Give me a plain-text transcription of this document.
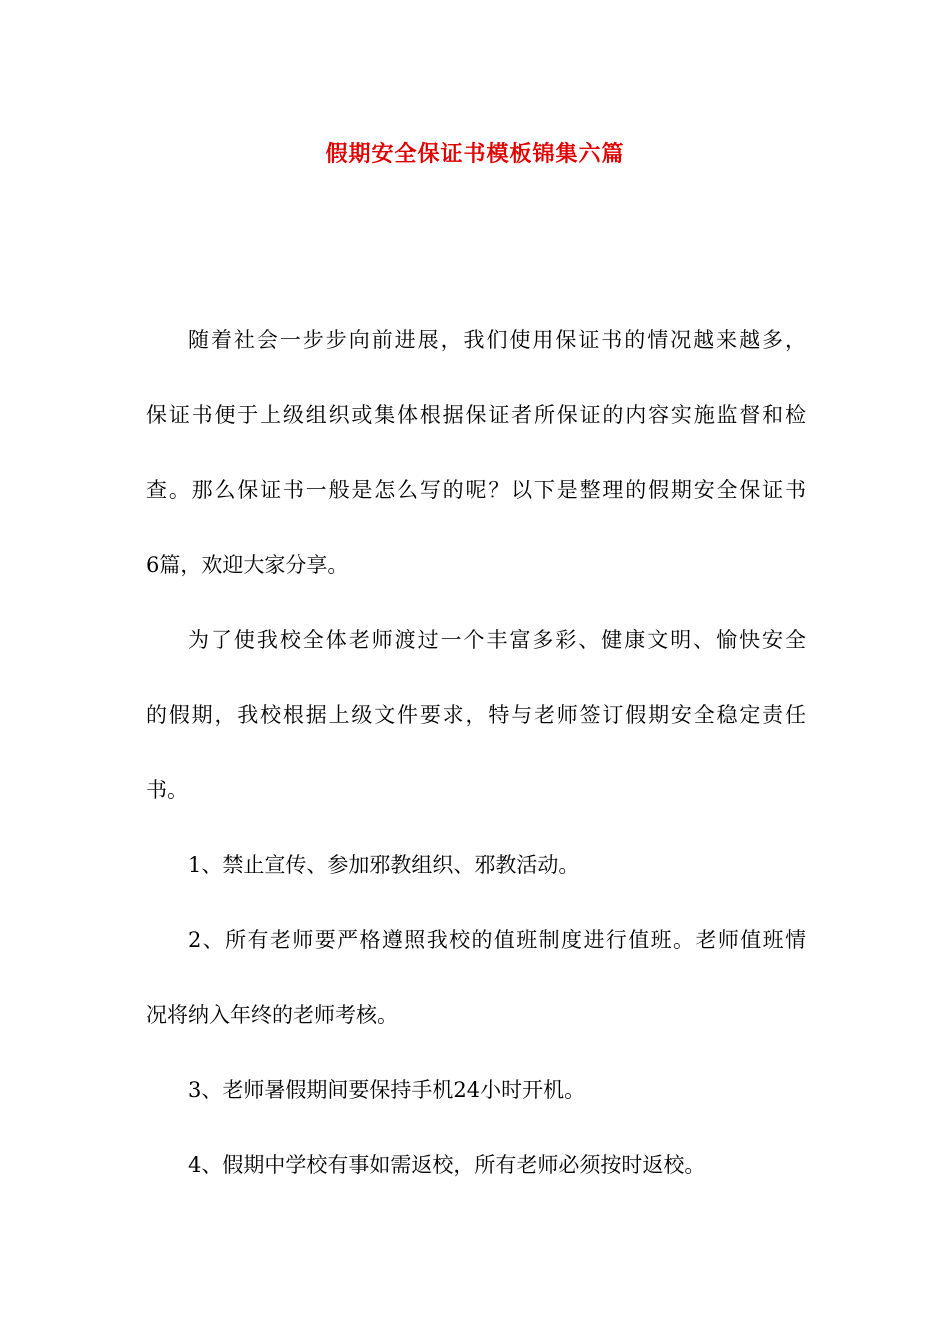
假期安全保证书模板锦集六篇
随着社会一步步向前进展，我们使用保证书的情况越来越多，
保证书便于上级组织或集体根据保证者所保证的内容实施监督和检
查。那么保证书一般是怎么写的呢？以下是整理的假期安全保证书
6篇，欢迎大家分享。
为了使我校全体老师渡过一个丰富多彩、健康文明、愉快安全
的假期，我校根据上级文件要求，特与老师签订假期安全稳定责任
书。
1、禁止宣传、参加邪教组织、邪教活动。
2、所有老师要严格遵照我校的值班制度进行值班。老师值班情
况将纳入年终的老师考核。
3、老师暑假期间要保持手机24小时开机。
4、假期中学校有事如需返校，所有老师必须按时返校。
